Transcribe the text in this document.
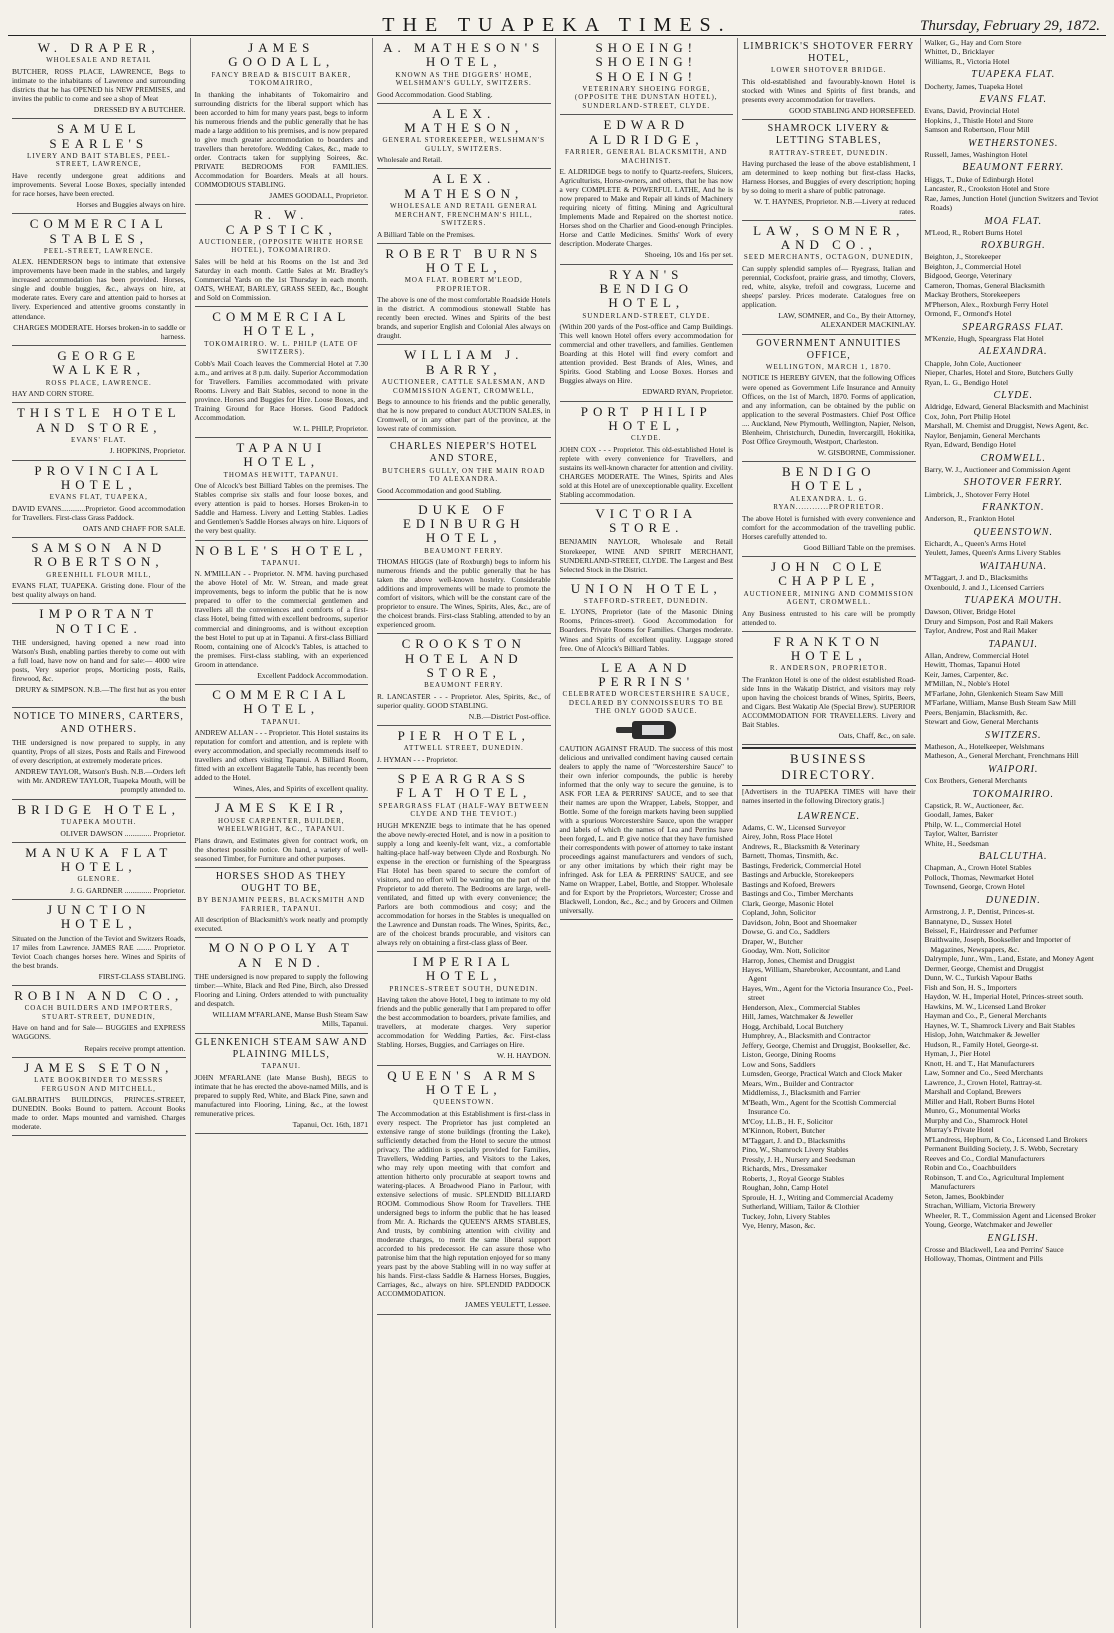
THE TUAPEKA TIMES.	Thursday, February 29, 1872.
W. DRAPER,
WHOLESALE AND RETAIL
BUTCHER, ROSS PLACE, LAWRENCE, Begs to intimate to the inhabitants of Lawrence and surrounding districts that he has OPENED his NEW PREMISES, and invites the public to come and see a shop of Meat
DRESSED BY A BUTCHER.
SAMUEL SEARLE'S
LIVERY AND BAIT STABLES, PEEL-STREET, LAWRENCE,
Have recently undergone great additions and improvements. Several Loose Boxes, specially intended for race horses, have been erected.
Horses and Buggies always on hire.
COMMERCIAL STABLES,
PEEL-STREET, LAWRENCE.
ALEX. HENDERSON begs to intimate that extensive improvements have been made in the stables, and largely increased accommodation has been provided. Horses, single and double buggies, &c., always on hire, at moderate rates. Every care and attention paid to horses at livery. Experienced and attentive grooms constantly in attendance.
CHARGES MODERATE. Horses broken-in to saddle or harness.
GEORGE WALKER,
ROSS PLACE, LAWRENCE.
HAY AND CORN STORE.
THISTLE HOTEL AND STORE,
EVANS' FLAT.
J. HOPKINS, Proprietor.
PROVINCIAL HOTEL,
EVANS FLAT, TUAPEKA,
DAVID EVANS.............Proprietor. Good accommodation for Travellers. First-class Grass Paddock.
OATS AND CHAFF FOR SALE.
SAMSON AND ROBERTSON,
GREENHILL FLOUR MILL,
EVANS FLAT, TUAPEKA. Gristing done. Flour of the best quality always on hand.
IMPORTANT NOTICE.
THE undersigned, having opened a new road into Watson's Bush, enabling parties thereby to come out with a full load, have now on hand and for sale:— 4000 wire posts, Very superior props, Morticing posts, Rails, firewood, &c.
DRURY & SIMPSON. N.B.—The first hut as you enter the bush
NOTICE TO MINERS, CARTERS, AND OTHERS.
THE undersigned is now prepared to supply, in any quantity, Props of all sizes, Posts and Rails and Firewood of every description, at extremely moderate prices.
ANDREW TAYLOR, Watson's Bush. N.B.—Orders left with Mr. ANDREW TAYLOR, Tuapeka Mouth, will be promptly attended to.
BRIDGE HOTEL,
TUAPEKA MOUTH.
OLIVER DAWSON .............. Proprietor.
MANUKA FLAT HOTEL,
GLENORE.
J. G. GARDNER .............. Proprietor.
JUNCTION HOTEL,
Situated on the Junction of the Teviot and Switzers Roads, 17 miles from Lawrence. JAMES RAE ........ Proprietor. Teviot Coach changes horses here. Wines and Spirits of the best brands.
FIRST-CLASS STABLING.
ROBIN AND CO.,
COACH BUILDERS AND IMPORTERS, STUART-STREET, DUNEDIN,
Have on hand and for Sale— BUGGIES and EXPRESS WAGGONS.
Repairs receive prompt attention.
JAMES SETON,
LATE BOOKBINDER TO MESSRS FERGUSON AND MITCHELL,
GALBRAITH'S BUILDINGS, PRINCES-STREET, DUNEDIN. Books Bound to pattern. Account Books made to order. Maps mounted and varnished. Charges moderate.
JAMES GOODALL,
FANCY BREAD & BISCUIT BAKER, TOKOMAIRIRO,
In thanking the inhabitants of Tokomairiro and surrounding districts for the liberal support which has been accorded to him for many years past, begs to inform his numerous friends and the public generally that he has made a large addition to his premises, and is now prepared to give much greater accommodation to boarders and travellers than heretofore. Wedding Cakes, &c., made to order. Contracts taken for supplying Soirees, &c. PRIVATE BEDROOMS FOR FAMILIES. Accommodation for Boarders. Meals at all hours. COMMODIOUS STABLING.
JAMES GOODALL, Proprietor.
R. W. CAPSTICK,
AUCTIONEER, (OPPOSITE WHITE HORSE HOTEL), TOKOMAIRIRO.
Sales will be held at his Rooms on the 1st and 3rd Saturday in each month. Cattle Sales at Mr. Bradley's Commercial Yards on the 1st Thursday in each month. OATS, WHEAT, BARLEY, GRASS SEED, &c., Bought and Sold on Commission.
COMMERCIAL HOTEL,
TOKOMAIRIRO. W. L. PHILP (LATE OF SWITZERS).
Cobb's Mail Coach leaves the Commercial Hotel at 7.30 a.m., and arrives at 8 p.m. daily. Superior Accommodation for Travellers. Families accommodated with private Rooms. Livery and Bait Stables, second to none in the province. Horses and Buggies for Hire. Loose Boxes, and Training Ground for Race Horses. Good Paddock Accommodation.
W. L. PHILP, Proprietor.
TAPANUI HOTEL,
THOMAS HEWITT, TAPANUI.
One of Alcock's best Billiard Tables on the premises. The Stables comprise six stalls and four loose boxes, and every attention is paid to horses. Horses Broken-in to Saddle and Harness. Livery and Letting Stables. Ladies and Gentlemen's Saddle Horses always on hire. Liquors of the very best quality.
NOBLE'S HOTEL,
TAPANUI.
N. M'MILLAN - - Proprietor. N. M'M. having purchased the above Hotel of Mr. W. Strean, and made great improvements, begs to inform the public that he is now prepared to offer to the commercial gentlemen and travellers all the conveniences and comforts of a first-class Hotel, being fitted with excellent bedrooms, superior commercial and diningrooms, and is without exception the best Hotel to put up at in Tapanui. A first-class Billiard Room, containing one of Alcock's Tables, is attached to the premises. First-class stabling, with an experienced Groom in attendance.
Excellent Paddock Accommodation.
COMMERCIAL HOTEL,
TAPANUI.
ANDREW ALLAN - - - Proprietor. This Hotel sustains its reputation for comfort and attention, and is replete with every accommodation, and specially recommends itself to travellers and others visiting Tapanui. A Billiard Room, fitted with an excellent Bagatelle Table, has recently been added to the Hotel.
Wines, Ales, and Spirits of excellent quality.
JAMES KEIR,
HOUSE CARPENTER, BUILDER, WHEELWRIGHT, &C., TAPANUI.
Plans drawn, and Estimates given for contract work, on the shortest possible notice. On hand, a variety of well-seasoned Timber, for Furniture and other purposes.
HORSES SHOD AS THEY OUGHT TO BE,
BY BENJAMIN PEERS, BLACKSMITH AND FARRIER, TAPANUI.
All description of Blacksmith's work neatly and promptly executed.
MONOPOLY AT AN END.
THE undersigned is now prepared to supply the following timber:—White, Black and Red Pine, Birch, also Dressed Flooring and Lining. Orders attended to with punctuality and despatch.
WILLIAM M'FARLANE, Manse Bush Steam Saw Mills, Tapanui.
GLENKENICH STEAM SAW AND PLAINING MILLS,
TAPANUI.
JOHN M'FARLANE (late Manse Bush), BEGS to intimate that he has erected the above-named Mills, and is prepared to supply Red, White, and Black Pine, sawn and manufactured into Flooring, Lining, &c., at the lowest remunerative prices.
Tapanui, Oct. 16th, 1871
A. MATHESON'S HOTEL,
KNOWN AS THE DIGGERS' HOME, WELSHMAN'S GULLY, SWITZERS.
Good Accommodation. Good Stabling.
ALEX. MATHESON,
GENERAL STOREKEEPER, WELSHMAN'S GULLY, SWITZERS.
Wholesale and Retail.
ALEX. MATHESON,
WHOLESALE AND RETAIL GENERAL MERCHANT, FRENCHMAN'S HILL, SWITZERS.
A Billiard Table on the Premises.
ROBERT BURNS HOTEL,
MOA FLAT. ROBERT M'LEOD, PROPRIETOR.
The above is one of the most comfortable Roadside Hotels in the district. A commodious stonewall Stable has recently been erected. Wines and Spirits of the best brands, and superior English and Colonial Ales always on draught.
WILLIAM J. BARRY,
AUCTIONEER, CATTLE SALESMAN, AND COMMISSION AGENT, CROMWELL,
Begs to announce to his friends and the public generally, that he is now prepared to conduct AUCTION SALES, in Cromwell, or in any other part of the province, at the lowest rate of commission.
CHARLES NIEPER'S HOTEL AND STORE,
BUTCHERS GULLY, ON THE MAIN ROAD TO ALEXANDRA.
Good Accommodation and good Stabling.
DUKE OF EDINBURGH HOTEL,
BEAUMONT FERRY.
THOMAS HIGGS (late of Roxburgh) begs to inform his numerous friends and the public generally that he has taken the above well-known hostelry. Considerable additions and improvements will be made to promote the comfort of visitors, which will be the constant care of the proprietor to ensure. The Wines, Spirits, Ales, &c., are of the choicest brands. First-class Stabling, attended to by an experienced groom.
CROOKSTON HOTEL AND STORE,
BEAUMONT FERRY.
R. LANCASTER - - - Proprietor. Ales, Spirits, &c., of superior quality. GOOD STABLING.
N.B.—District Post-office.
PIER HOTEL,
ATTWELL STREET, DUNEDIN.
J. HYMAN - - - Proprietor.
SPEARGRASS FLAT HOTEL,
SPEARGRASS FLAT (HALF-WAY BETWEEN CLYDE AND THE TEVIOT.)
HUGH M'KENZIE begs to intimate that he has opened the above newly-erected Hotel, and is now in a position to supply a long and keenly-felt want, viz., a comfortable halting-place half-way between Clyde and Roxburgh. No expense in the erection or furnishing of the Speargrass Flat Hotel has been spared to secure the comfort of visitors, and no effort will be wanting on the part of the Proprietor to add thereto. The Bedrooms are large, well-ventilated, and fitted up with every convenience; the Parlors are both commodious and cosy; and the accommodation for horses in the Stables is unequalled on the Lawrence and Dunstan roads. The Wines, Spirits, &c., are of the choicest brands procurable, and visitors can always rely on obtaining a first-class glass of Beer.
IMPERIAL HOTEL,
PRINCES-STREET SOUTH, DUNEDIN.
Having taken the above Hotel, I beg to intimate to my old friends and the public generally that I am prepared to offer the best accommodation to boarders, private families, and travellers, at moderate charges. Very superior accommodation for Wedding Parties, &c. First-class Stabling. Horses, Buggies, and Carriages on Hire.
W. H. HAYDON.
QUEEN'S ARMS HOTEL,
QUEENSTOWN.
The Accommodation at this Establishment is first-class in every respect. The Proprietor has just completed an extensive range of stone buildings (fronting the Lake), sufficiently detached from the Hotel to secure the utmost privacy. The addition is specially provided for Families, Travellers, Wedding Parties, and Visitors to the Lakes, who may rely upon meeting with that comfort and attention hitherto only procurable at seaport towns and watering-places. A Broadwood Piano in Parlour, with extensive selections of music. SPLENDID BILLIARD ROOM. Commodious Show Room for Travellers. THE undersigned begs to inform the public that he has leased from Mr. A. Richards the QUEEN'S ARMS STABLES, And trusts, by combining attention with civility and moderate charges, to merit the same liberal support accorded to his predecessor. He can assure those who patronise him that the high reputation enjoyed for so many years past by the above Stabling will in no way suffer at his hands. First-class Saddle & Harness Horses, Buggies, Carriages, &c., always on hire. SPLENDID PADDOCK ACCOMMODATION.
JAMES YEULETT, Lessee.
SHOEING! SHOEING! SHOEING!
VETERINARY SHOEING FORGE, (OPPOSITE THE DUNSTAN HOTEL), SUNDERLAND-STREET, CLYDE.
EDWARD ALDRIDGE,
FARRIER, GENERAL BLACKSMITH, AND MACHINIST.
E. ALDRIDGE begs to notify to Quartz-reefers, Sluicers, Agriculturists, Horse-owners, and others, that he has now a very COMPLETE & POWERFUL LATHE, And he is now prepared to Make and Repair all kinds of Machinery requiring nicety of fitting. Mining and Agricultural Implements Made and Repaired on the shortest notice. Horses shod on the Charlier and Good-enough Principles. Horse and Cattle Medicines. Smiths' Work of every description. Moderate Charges.
Shoeing, 10s and 16s per set.
RYAN'S BENDIGO HOTEL,
SUNDERLAND-STREET, CLYDE.
(Within 200 yards of the Post-office and Camp Buildings. This well known Hotel offers every accommodation for commercial and other travellers, and families. Gentlemen Boarding at this Hotel will find every comfort and attention provided. Best Brands of Ales, Wines, and Spirits. Good Stabling and Loose Boxes. Horses and Buggies always on Hire.
EDWARD RYAN, Proprietor.
PORT PHILIP HOTEL,
CLYDE.
JOHN COX - - - Proprietor. This old-established Hotel is replete with every convenience for Travellers, and sustains its well-known character for attention and civility. CHARGES MODERATE. The Wines, Spirits and Ales sold at this Hotel are of unexceptionable quality. Excellent Stabling accommodation.
VICTORIA STORE.
BENJAMIN NAYLOR, Wholesale and Retail Storekeeper, WINE AND SPIRIT MERCHANT, SUNDERLAND-STREET, CLYDE. The Largest and Best Selected Stock in the District.
UNION HOTEL,
STAFFORD-STREET, DUNEDIN.
E. LYONS, Proprietor (late of the Masonic Dining Rooms, Princes-street). Good Accommodation for Boarders. Private Rooms for Families. Charges moderate. Wines and Spirits of excellent quality. Luggage stored free. One of Alcock's Billiard Tables.
LEA AND PERRINS'
CELEBRATED WORCESTERSHIRE SAUCE, DECLARED BY CONNOISSEURS TO BE THE ONLY GOOD SAUCE.
CAUTION AGAINST FRAUD. The success of this most delicious and unrivalled condiment having caused certain dealers to apply the name of "Worcestershire Sauce" to their own inferior compounds, the public is hereby informed that the only way to secure the genuine, is to ASK FOR LEA & PERRINS' SAUCE, and to see that their names are upon the Wrapper, Labels, Stopper, and Bottle. Some of the foreign markets having been supplied with a spurious Worcestershire Sauce, upon the wrapper and labels of which the names of Lea and Perrins have been forged, L. and P. give notice that they have furnished their correspondents with power of attorney to take instant proceedings against manufacturers and vendors of such, or any other imitations by which their right may be infringed. Ask for LEA & PERRINS' SAUCE, and see Name on Wrapper, Label, Bottle, and Stopper. Wholesale and for Export by the Proprietors, Worcester; Crosse and Blackwell, London, &c., &c.; and by Grocers and Oilmen universally.
LIMBRICK'S SHOTOVER FERRY HOTEL,
LOWER SHOTOVER BRIDGE.
This old-established and favourably-known Hotel is stocked with Wines and Spirits of first brands, and presents every accommodation for travellers.
GOOD STABLING AND HORSEFEED.
SHAMROCK LIVERY & LETTING STABLES,
RATTRAY-STREET, DUNEDIN.
Having purchased the lease of the above establishment, I am determined to keep nothing but first-class Hacks, Harness Horses, and Buggies of every description; hoping by so doing to merit a share of public patronage.
W. T. HAYNES, Proprietor. N.B.—Livery at reduced rates.
LAW, SOMNER, AND CO.,
SEED MERCHANTS, OCTAGON, DUNEDIN,
Can supply splendid samples of— Ryegrass, Italian and perennial, Cocksfoot, prairie grass, and timothy, Clovers, red, white, alsyke, trefoil and cowgrass, Lucerne and sheeps' parsley. Prices moderate. Catalogues free on application.
LAW, SOMNER, and Co., By their Attorney, ALEXANDER MACKINLAY.
GOVERNMENT ANNUITIES OFFICE,
WELLINGTON, MARCH 1, 1870.
NOTICE IS HEREBY GIVEN, that the following Offices were opened as Government Life Insurance and Annuity Offices, on the 1st of March, 1870. Forms of application, and any information, can be obtained by the public on application to the several Postmasters. Chief Post Office .... Auckland, New Plymouth, Wellington, Napier, Nelson, Blenheim, Christchurch, Dunedin, Invercargill, Hokitika, Post Office Greymouth, Westport, Charleston.
W. GISBORNE, Commissioner.
BENDIGO HOTEL,
ALEXANDRA. L. G. RYAN............PROPRIETOR.
The above Hotel is furnished with every convenience and comfort for the accommodation of the travelling public. Horses carefully attended to.
Good Billiard Table on the premises.
JOHN COLE CHAPPLE,
AUCTIONEER, MINING AND COMMISSION AGENT, CROMWELL.
Any Business entrusted to his care will be promptly attended to.
FRANKTON HOTEL,
R. ANDERSON, PROPRIETOR.
The Frankton Hotel is one of the oldest established Road-side Inns in the Wakatip District, and visitors may rely upon having the choicest brands of Wines, Spirits, Beers, and Cigars. Best Wakatip Ale (Special Brew). SUPERIOR ACCOMMODATION FOR TRAVELLERS. Livery and Bait Stables.
Oats, Chaff, &c., on sale.
BUSINESS DIRECTORY.
[Advertisers in the TUAPEKA TIMES will have their names inserted in the following Directory gratis.]
LAWRENCE.
Adams, C. W., Licensed Surveyor
Airey, John, Ross Place Hotel
Andrews, R., Blacksmith & Veterinary
Barnett, Thomas, Tinsmith, &c.
Bastings, Frederick, Commercial Hotel
Bastings and Arbuckle, Storekeepers
Bastings and Kofoed, Brewers
Bastings and Co., Timber Merchants
Clark, George, Masonic Hotel
Copland, John, Solicitor
Davidson, John, Boot and Shoemaker
Dowse, G. and Co., Saddlers
Draper, W., Butcher
Gooday, Wm. Nott, Solicitor
Harrop, Jones, Chemist and Druggist
Hayes, William, Sharebroker, Accountant, and Land Agent
Hayes, Wm., Agent for the Victoria Insurance Co., Peel-street
Henderson, Alex., Commercial Stables
Hill, James, Watchmaker & Jeweller
Hogg, Archibald, Local Butchery
Humphrey, A., Blacksmith and Contractor
Jeffery, George, Chemist and Druggist, Bookseller, &c.
Liston, George, Dining Rooms
Low and Sons, Saddlers
Lumsden, George, Practical Watch and Clock Maker
Mears, Wm., Builder and Contractor
Middlemiss, J., Blacksmith and Farrier
M'Beath, Wm., Agent for the Scottish Commercial Insurance Co.
M'Coy, LL.B., H. F., Solicitor
M'Kinnon, Robert, Butcher
M'Taggart, J. and D., Blacksmiths
Pino, W., Shamrock Livery Stables
Pressly, J. H., Nursery and Seedsman
Richards, Mrs., Dressmaker
Roberts, J., Royal George Stables
Roughan, John, Camp Hotel
Sproule, H. J., Writing and Commercial Academy
Sutherland, William, Tailor & Clothier
Tuckey, John, Livery Stables
Vye, Henry, Mason, &c.
Walker, G., Hay and Corn Store
Whittet, D., Bricklayer
Williams, R., Victoria Hotel
TUAPEKA FLAT.
Docherty, James, Tuapeka Hotel
EVANS FLAT.
Evans, David, Provincial Hotel
Hopkins, J., Thistle Hotel and Store
Samson and Robertson, Flour Mill
WETHERSTONES.
Russell, James, Washington Hotel
BEAUMONT FERRY.
Higgs, T., Duke of Edinburgh Hotel
Lancaster, R., Crookston Hotel and Store
Rae, James, Junction Hotel (junction Switzers and Teviot Roads)
MOA FLAT.
M'Leod, R., Robert Burns Hotel
ROXBURGH.
Beighton, J., Storekeeper
Beighton, J., Commercial Hotel
Bidgood, George, Veterinary
Cameron, Thomas, General Blacksmith
Mackay Brothers, Storekeepers
M'Pherson, Alex., Roxburgh Ferry Hotel
Ormond, F., Ormond's Hotel
SPEARGRASS FLAT.
M'Kenzie, Hugh, Speargrass Flat Hotel
ALEXANDRA.
Chapple, John Cole, Auctioneer
Nieper, Charles, Hotel and Store, Butchers Gully
Ryan, L. G., Bendigo Hotel
CLYDE.
Aldridge, Edward, General Blacksmith and Machinist
Cox, John, Port Philip Hotel
Marshall, M. Chemist and Druggist, News Agent, &c.
Naylor, Benjamin, General Merchants
Ryan, Edward, Bendigo Hotel
CROMWELL.
Barry, W. J., Auctioneer and Commission Agent
SHOTOVER FERRY.
Limbrick, J., Shotover Ferry Hotel
FRANKTON.
Anderson, R., Frankton Hotel
QUEENSTOWN.
Eichardt, A., Queen's Arms Hotel
Yeulett, James, Queen's Arms Livery Stables
WAITAHUNA.
M'Taggart, J. and D., Blacksmiths
Oxenbould, J. and J., Licensed Carriers
TUAPEKA MOUTH.
Dawson, Oliver, Bridge Hotel
Drury and Simpson, Post and Rail Makers
Taylor, Andrew, Post and Rail Maker
TAPANUI.
Allan, Andrew, Commercial Hotel
Hewitt, Thomas, Tapanui Hotel
Keir, James, Carpenter, &c.
M'Millan, N., Noble's Hotel
M'Farlane, John, Glenkenich Steam Saw Mill
M'Farlane, William, Manse Bush Steam Saw Mill
Peers, Benjamin, Blacksmith, &c.
Stewart and Gow, General Merchants
SWITZERS.
Matheson, A., Hotelkeeper, Welshmans
Matheson, A., General Merchant, Frenchmans Hill
WAIPORI.
Cox Brothers, General Merchants
TOKOMAIRIRO.
Capstick, R. W., Auctioneer, &c.
Goodall, James, Baker
Philp, W. L., Commercial Hotel
Taylor, Walter, Barrister
White, H., Seedsman
BALCLUTHA.
Chapman, A., Crown Hotel Stables
Pollock, Thomas, Newmarket Hotel
Townsend, George, Crown Hotel
DUNEDIN.
Armstrong, J. P., Dentist, Princes-st.
Bannatyne, D., Sussex Hotel
Beissel, F., Hairdresser and Perfumer
Braithwaite, Joseph, Bookseller and Importer of Magazines, Newspapers, &c.
Dalrymple, Junr., Wm., Land, Estate, and Money Agent
Dermer, George, Chemist and Druggist
Dunn, W. C., Turkish Vapour Baths
Fish and Son, H. S., Importers
Haydon, W. H., Imperial Hotel, Princes-street south.
Hawkins, M. W., Licensed Land Broker
Hayman and Co., P., General Merchants
Haynes, W. T., Shamrock Livery and Bait Stables
Hislop, John, Watchmaker & Jeweller
Hudson, R., Family Hotel, George-st.
Hyman, J., Pier Hotel
Knott, H. and T., Hat Manufacturers
Law, Somner and Co., Seed Merchants
Lawrence, J., Crown Hotel, Rattray-st.
Marshall and Copland, Brewers
Miller and Hall, Robert Burns Hotel
Munro, G., Monumental Works
Murphy and Co., Shamrock Hotel
Murray's Private Hotel
M'Landress, Hepburn, & Co., Licensed Land Brokers
Permanent Building Society, J. S. Webb, Secretary
Reeves and Co., Cordial Manufacturers
Robin and Co., Coachbuilders
Robinson, T. and Co., Agricultural Implement Manufacturers
Seton, James, Bookbinder
Strachan, William, Victoria Brewery
Wheeler, R. T., Commission Agent and Licensed Broker
Young, George, Watchmaker and Jeweller
ENGLISH.
Crosse and Blackwell, Lea and Perrins' Sauce
Holloway, Thomas, Ointment and Pills
